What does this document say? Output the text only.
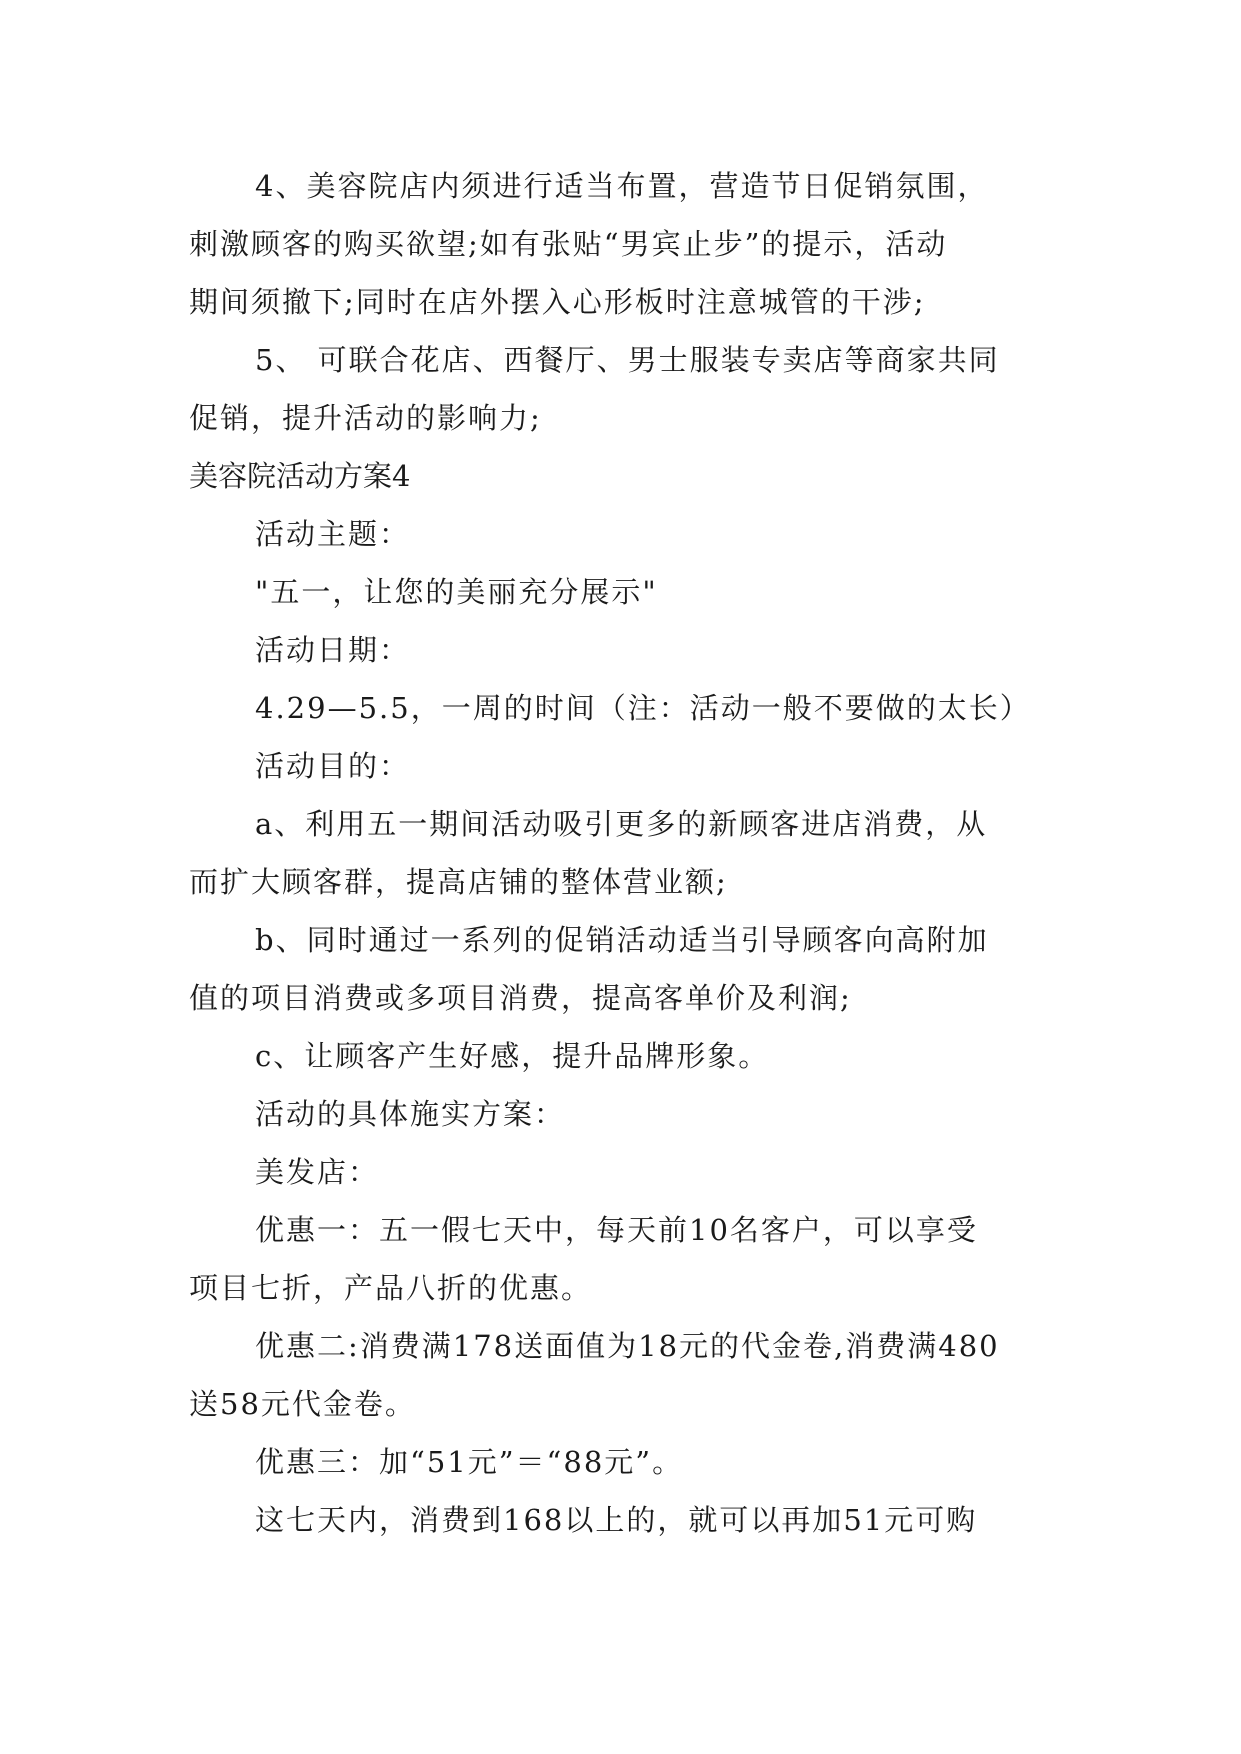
4、美容院店内须进行适当布置，营造节日促销氛围，
刺激顾客的购买欲望;如有张贴“男宾止步”的提示，活动
期间须撤下;同时在店外摆入心形板时注意城管的干涉;
5、 可联合花店、西餐厅、男士服装专卖店等商家共同
促销，提升活动的影响力;
美容院活动方案4
活动主题：
"五一，让您的美丽充分展示"
活动日期：
4.29—5.5，一周的时间（注：活动一般不要做的太长）
活动目的：
a、利用五一期间活动吸引更多的新顾客进店消费，从
而扩大顾客群，提高店铺的整体营业额;
b、同时通过一系列的促销活动适当引导顾客向高附加
值的项目消费或多项目消费，提高客单价及利润;
c、让顾客产生好感，提升品牌形象。
活动的具体施实方案：
美发店：
优惠一：五一假七天中，每天前10名客户，可以享受
项目七折，产品八折的优惠。
优惠二:消费满178送面值为18元的代金卷,消费满480
送58元代金卷。
优惠三：加“51元”＝“88元”。
这七天内，消费到168以上的，就可以再加51元可购
